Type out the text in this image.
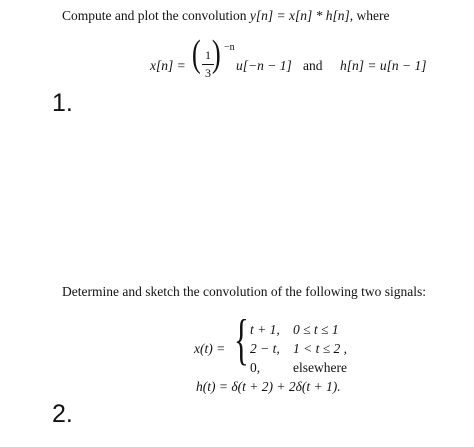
Compute and plot the convolution y[n] = x[n] * h[n], where
x[n] = ( 1
3 ) −n
u[−n − 1] and h[n] = u[n − 1]
1.
Determine and sketch the convolution of the following two signals:
x(t) = { t + 1, 0 ≤ t ≤ 1
2 − t, 1 < t ≤ 2 ,
0, elsewhere
h(t) = δ(t + 2) + 2δ(t + 1).
2.
